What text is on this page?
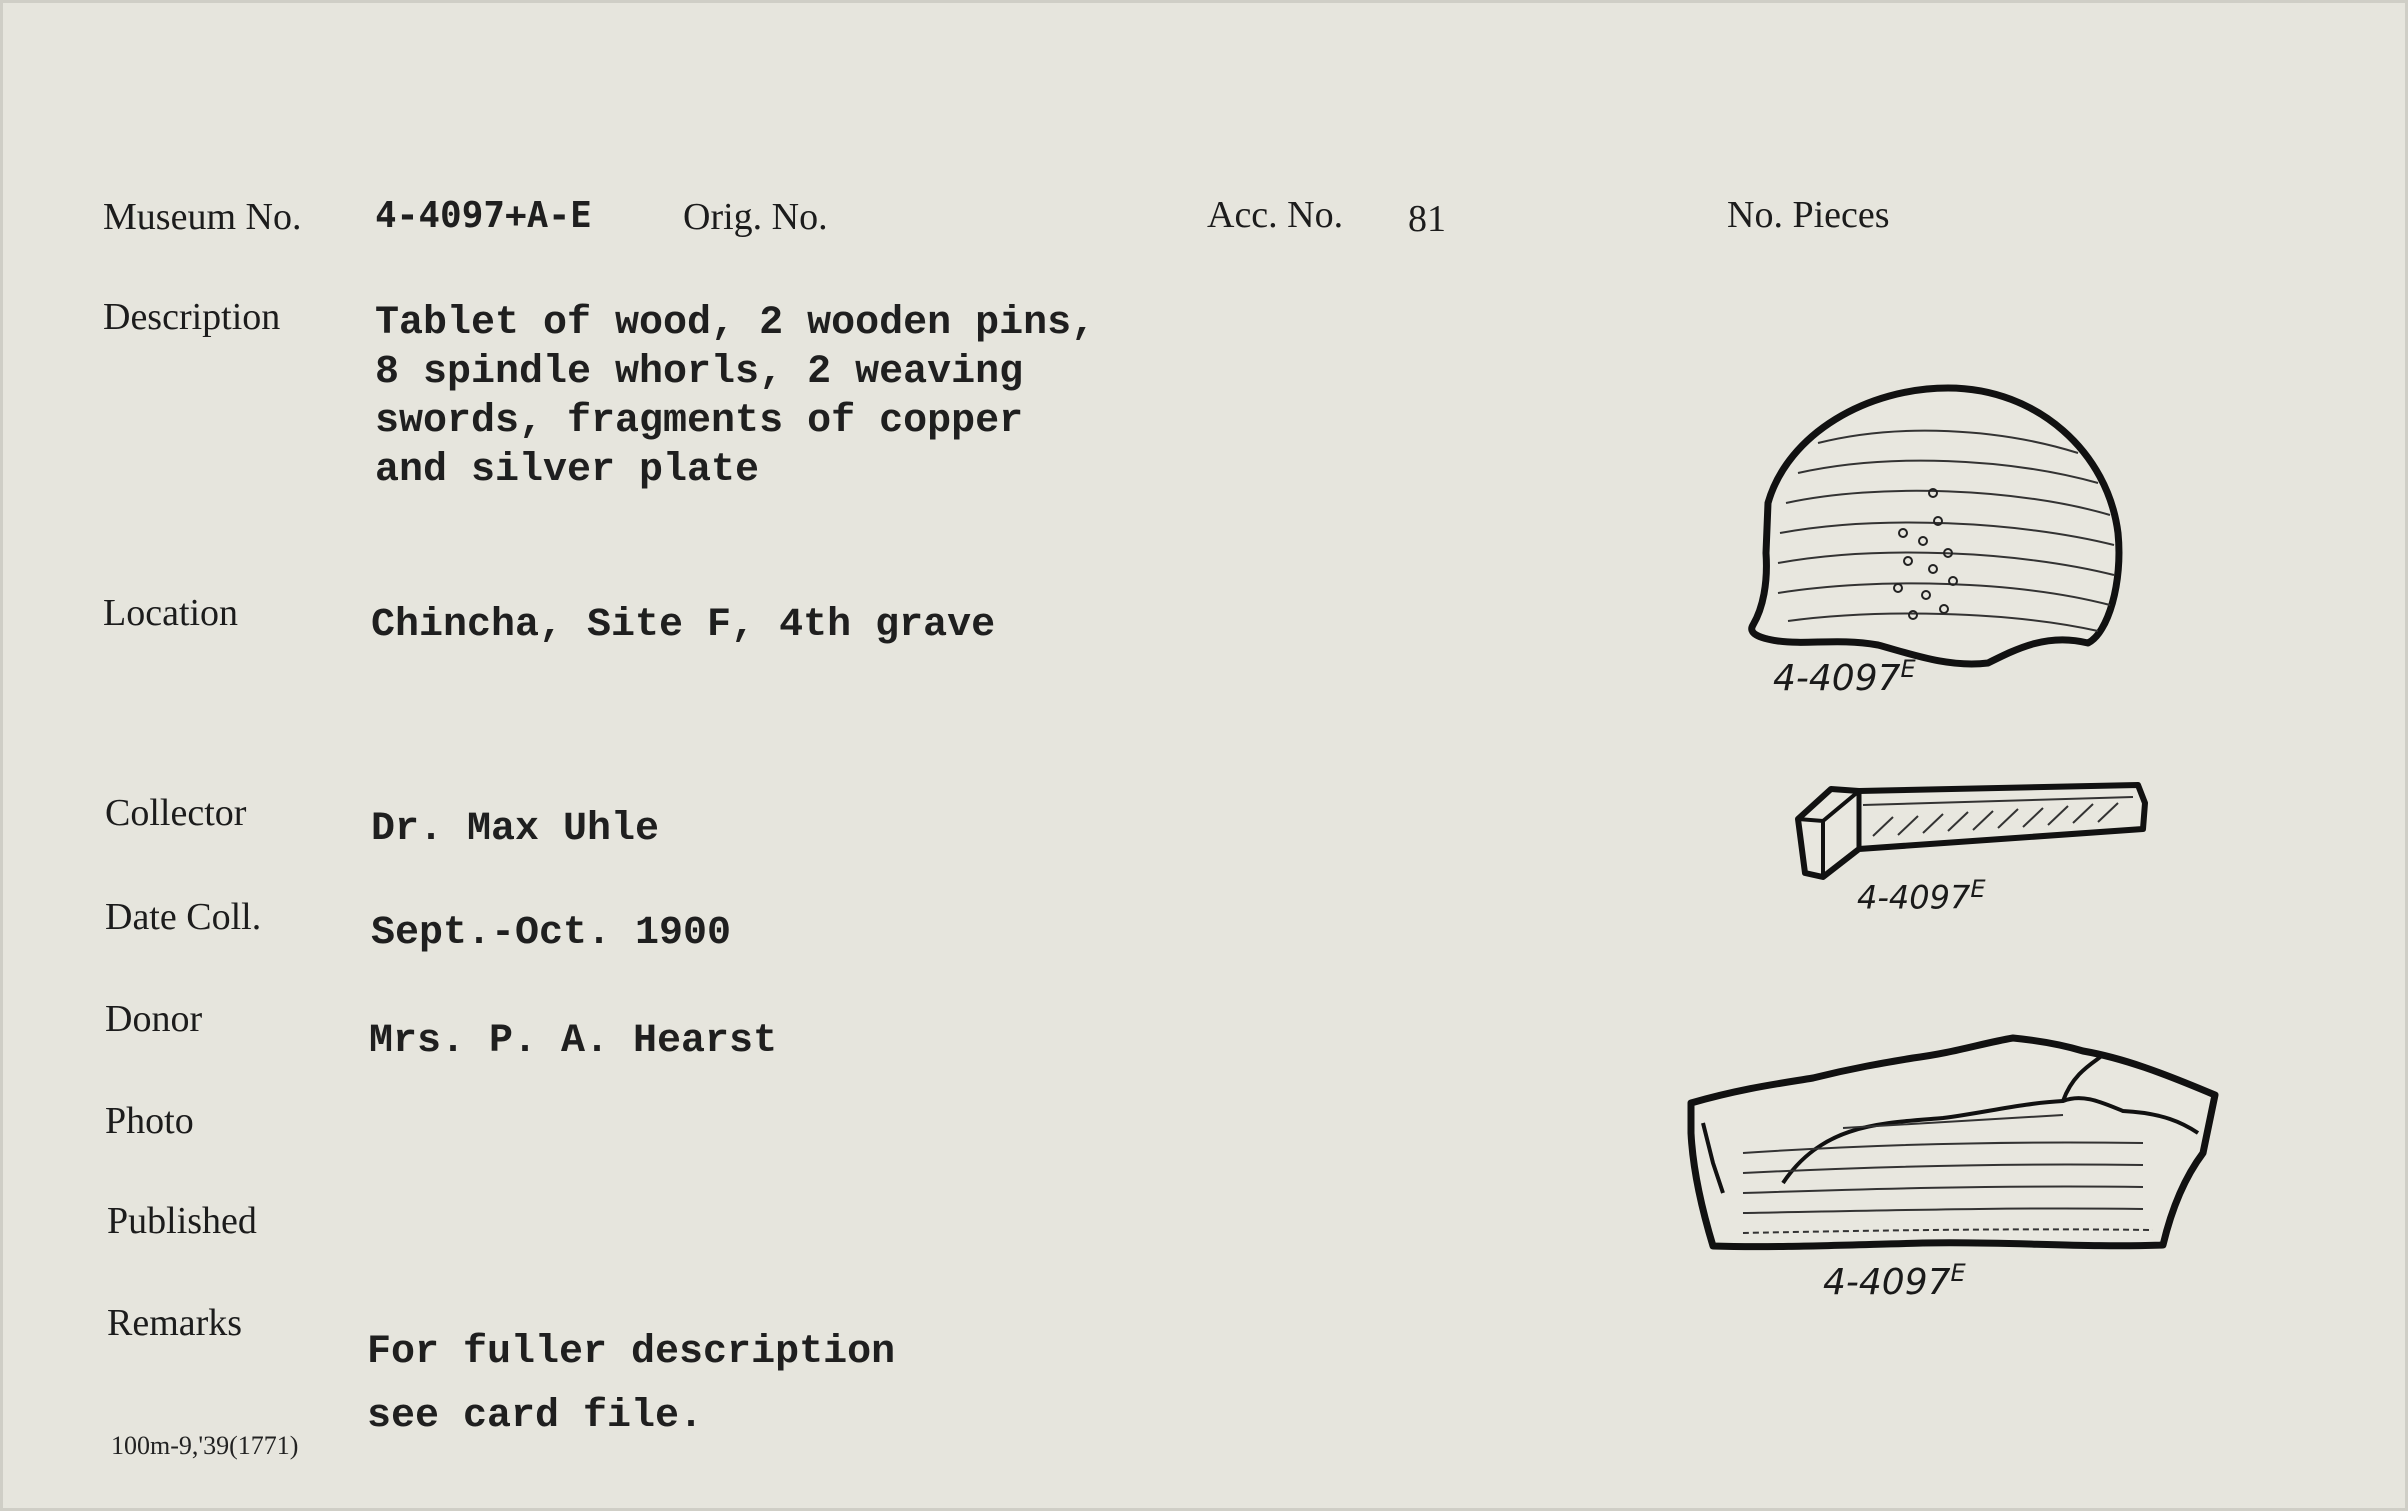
Museum No. 4-4097+A-E Orig. No.	Acc. No. 81	No. Pieces
Description Tablet of wood, 2 wooden pins,
8 spindle whorls, 2 weaving
swords, fragments of copper
and silver plate
Location	Chincha, Site F, 4th grave
Collector	Dr. Max Uhle
Date Coll.	Sept.-Oct. 1900
Donor	Mrs. P. A. Hearst
Photo
Published
Remarks
For fuller description
see card file.
100m-9,'39(1771)
$4-4097^E$
$4-4097^E$
$4-4097^E$
